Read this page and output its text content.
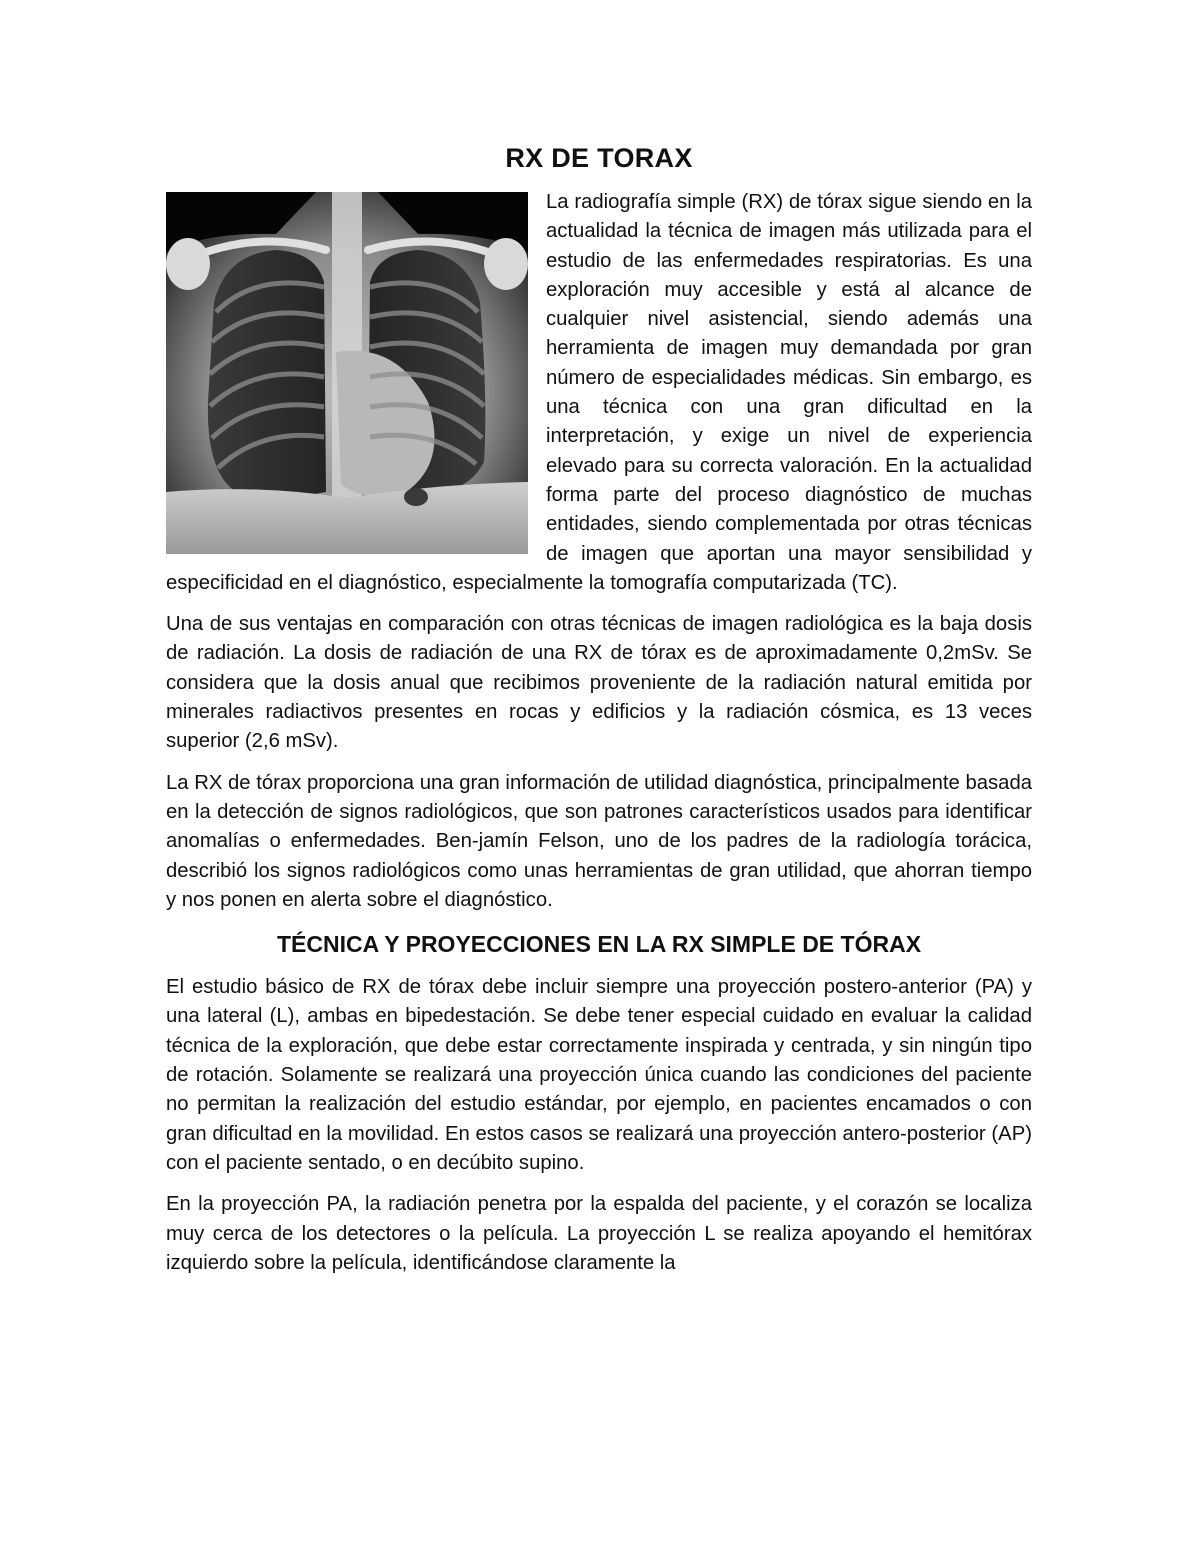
RX DE TORAX

La radiografía simple (RX) de tórax sigue siendo en la actualidad la técnica de imagen más utilizada para el estudio de las enfermedades respiratorias. Es una exploración muy accesible y está al alcance de cualquier nivel asistencial, siendo además una herramienta de imagen muy demandada por gran número de especialidades médicas. Sin embargo, es una técnica con una gran dificultad en la interpretación, y exige un nivel de experiencia elevado para su correcta valoración. En la actualidad forma parte del proceso diagnóstico de muchas entidades, siendo complementada por otras técnicas de imagen que aportan una mayor sensibilidad y especificidad en el diagnóstico, especialmente la tomografía computarizada (TC).

Una de sus ventajas en comparación con otras técnicas de imagen radiológica es la baja dosis de radiación. La dosis de radiación de una RX de tórax es de aproximadamente 0,2mSv. Se considera que la dosis anual que recibimos proveniente de la radiación natural emitida por minerales radiactivos presentes en rocas y edificios y la radiación cósmica, es 13 veces superior (2,6 mSv).

La RX de tórax proporciona una gran información de utilidad diagnóstica, principalmente basada en la detección de signos radiológicos, que son patrones característicos usados para identificar anomalías o enfermedades. Ben-jamín Felson, uno de los padres de la radiología torácica, describió los signos radiológicos como unas herramientas de gran utilidad, que ahorran tiempo y nos ponen en alerta sobre el diagnóstico.

TÉCNICA Y PROYECCIONES EN LA RX SIMPLE DE TÓRAX

El estudio básico de RX de tórax debe incluir siempre una proyección postero-anterior (PA) y una lateral (L), ambas en bipedestación. Se debe tener especial cuidado en evaluar la calidad técnica de la exploración, que debe estar correctamente inspirada y centrada, y sin ningún tipo de rotación. Solamente se realizará una proyección única cuando las condiciones del paciente no permitan la realización del estudio estándar, por ejemplo, en pacientes encamados o con gran dificultad en la movilidad. En estos casos se realizará una proyección antero-posterior (AP) con el paciente sentado, o en decúbito supino.

En la proyección PA, la radiación penetra por la espalda del paciente, y el corazón se localiza muy cerca de los detectores o la película. La proyección L se realiza apoyando el hemitórax izquierdo sobre la película, identificándose claramente la
